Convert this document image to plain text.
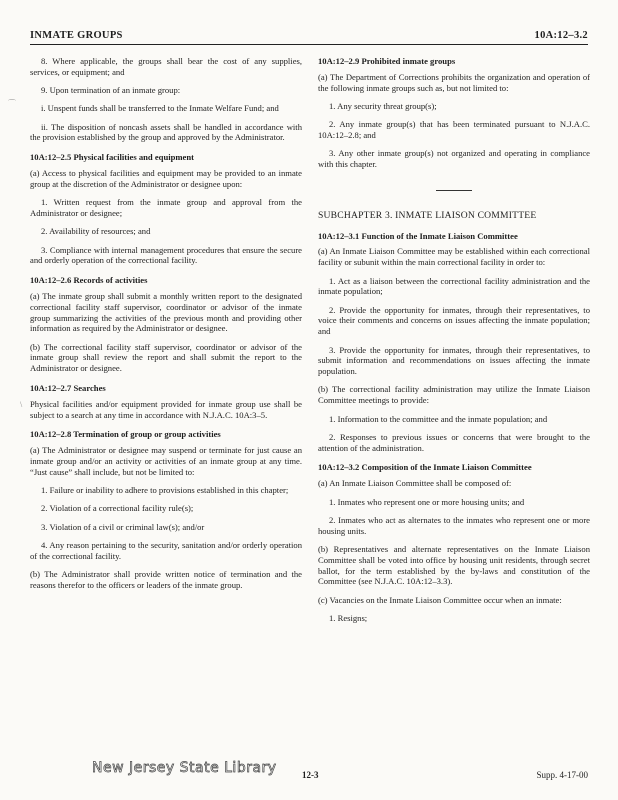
INMATE GROUPS	10A:12–3.2
⌒
\

8. Where applicable, the groups shall bear the cost of any supplies, services, or equipment; and

9. Upon termination of an inmate group:

i. Unspent funds shall be transferred to the Inmate Welfare Fund; and

ii. The disposition of noncash assets shall be handled in accordance with the provision established by the group and approved by the Administrator.

10A:12–2.5 Physical facilities and equipment

(a) Access to physical facilities and equipment may be provided to an inmate group at the discretion of the Administrator or designee upon:

1. Written request from the inmate group and approval from the Administrator or designee;

2. Availability of resources; and

3. Compliance with internal management procedures that ensure the secure and orderly operation of the correctional facility.

10A:12–2.6 Records of activities

(a) The inmate group shall submit a monthly written report to the designated correctional facility staff supervisor, coordinator or advisor of the inmate group summarizing the activities of the previous month and providing other information as required by the Administrator or designee.

(b) The correctional facility staff supervisor, coordinator or advisor of the inmate group shall review the report and shall submit the report to the Administrator or designee.

10A:12–2.7 Searches

Physical facilities and/or equipment provided for inmate group use shall be subject to a search at any time in accordance with N.J.A.C. 10A:3–5.

10A:12–2.8 Termination of group or group activities

(a) The Administrator or designee may suspend or terminate for just cause an inmate group and/or an activity or activities of an inmate group at any time. “Just cause” shall include, but not be limited to:

1. Failure or inability to adhere to provisions established in this chapter;

2. Violation of a correctional facility rule(s);

3. Violation of a civil or criminal law(s); and/or

4. Any reason pertaining to the security, sanitation and/or orderly operation of the correctional facility.

(b) The Administrator shall provide written notice of termination and the reasons therefor to the officers or leaders of the inmate group.

10A:12–2.9 Prohibited inmate groups

(a) The Department of Corrections prohibits the organization and operation of the following inmate groups such as, but not limited to:

1. Any security threat group(s);

2. Any inmate group(s) that has been terminated pursuant to N.J.A.C. 10A:12–2.8; and

3. Any other inmate group(s) not organized and operating in compliance with this chapter.

SUBCHAPTER 3. INMATE LIAISON COMMITTEE
10A:12–3.1 Function of the Inmate Liaison Committee

(a) An Inmate Liaison Committee may be established within each correctional facility or subunit within the main correctional facility in order to:

1. Act as a liaison between the correctional facility administration and the inmate population;

2. Provide the opportunity for inmates, through their representatives, to voice their comments and concerns on issues affecting the inmate population; and

3. Provide the opportunity for inmates, through their representatives, to submit information and recommendations on issues affecting the inmate population.

(b) The correctional facility administration may utilize the Inmate Liaison Committee meetings to provide:

1. Information to the committee and the inmate population; and

2. Responses to previous issues or concerns that were brought to the attention of the administration.

10A:12–3.2 Composition of the Inmate Liaison Committee

(a) An Inmate Liaison Committee shall be composed of:

1. Inmates who represent one or more housing units; and

2. Inmates who act as alternates to the inmates who represent one or more housing units.

(b) Representatives and alternate representatives on the Inmate Liaison Committee shall be voted into office by housing unit residents, through secret ballot, for the term established by the by-laws and constitution of the Committee (see N.J.A.C. 10A:12–3.3).

(c) Vacancies on the Inmate Liaison Committee occur when an inmate:

1. Resigns;

New Jersey State Library	12-3	Supp. 4-17-00
